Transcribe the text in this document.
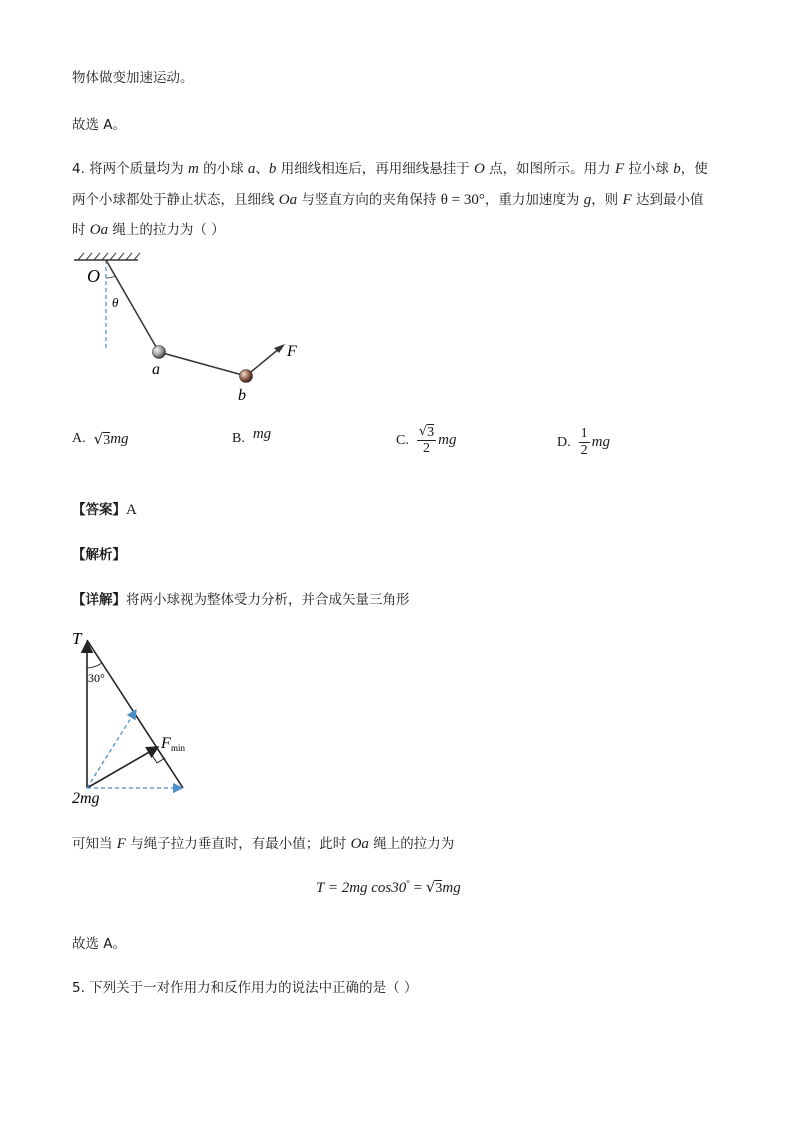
物体做变加速运动。
故选 A。
4. 将两个质量均为 m 的小球 a、b 用细线相连后，再用细线悬挂于 O 点，如图所示。用力 F 拉小球 b，使
两个小球都处于静止状态，且细线 Oa 与竖直方向的夹角保持 θ = 30°，重力加速度为 g，则 F 达到最小值
时 Oa 绳上的拉力为（ ）
O
θ
a
b
F
A. √ 3 mg	B. mg	C. $\frac{√ 3}{2}$ mg	D. $\frac{1}{2}$ mg
【答案】A
【解析】
【详解】将两小球视为整体受力分析，并合成矢量三角形
T
30°
F min
2mg
可知当 F 与绳子拉力垂直时，有最小值；此时 Oa 绳上的拉力为
T = 2mg cos30° = √ 3 mg
故选 A。
5. 下列关于一对作用力和反作用力的说法中正确的是（ ）
